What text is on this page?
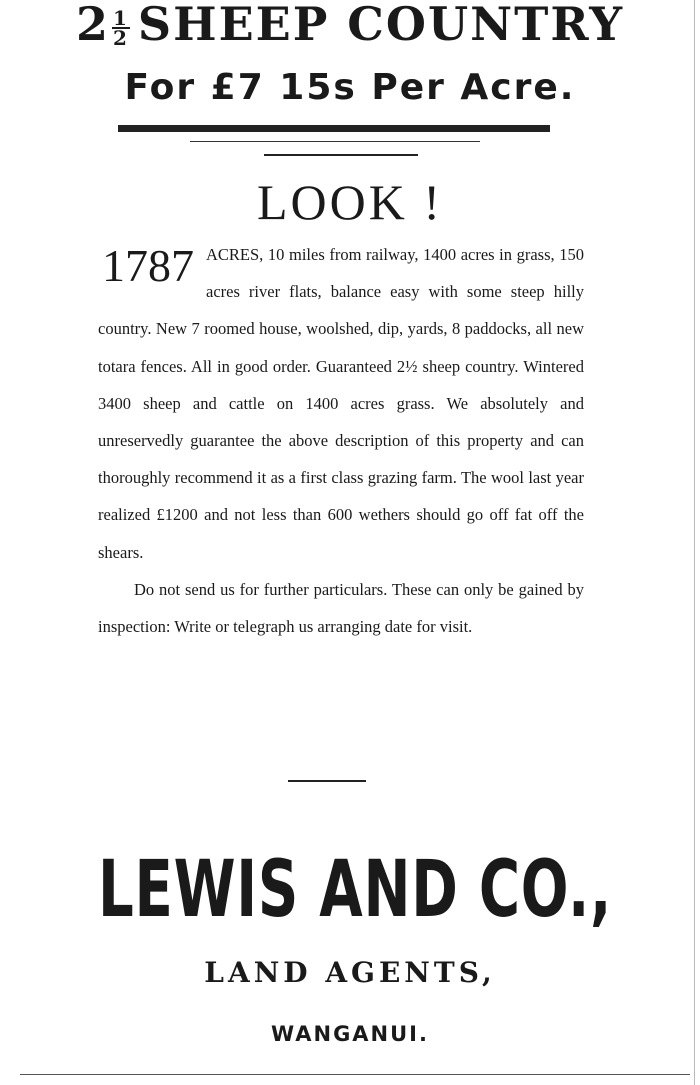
$2 \frac{1}{2}$ SHEEP COUNTRY
For £7 15s Per Acre.
LOOK !

1787 ACRES, 10 miles from railway, 1400 acres in grass, 150 acres river flats, balance easy with some steep hilly country. New 7 roomed house, woolshed, dip, yards, 8 paddocks, all new totara fences. All in good order. Guaranteed 2½ sheep country. Wintered 3400 sheep and cattle on 1400 acres grass. We absolutely and unreservedly guarantee the above description of this property and can thoroughly recommend it as a first class grazing farm. The wool last year realized £1200 and not less than 600 wethers should go off fat off the shears.

Do not send us for further particulars. These can only be gained by inspection: Write or telegraph us arranging date for visit.

LEWIS AND CO.,
LAND AGENTS,
WANGANUI.
